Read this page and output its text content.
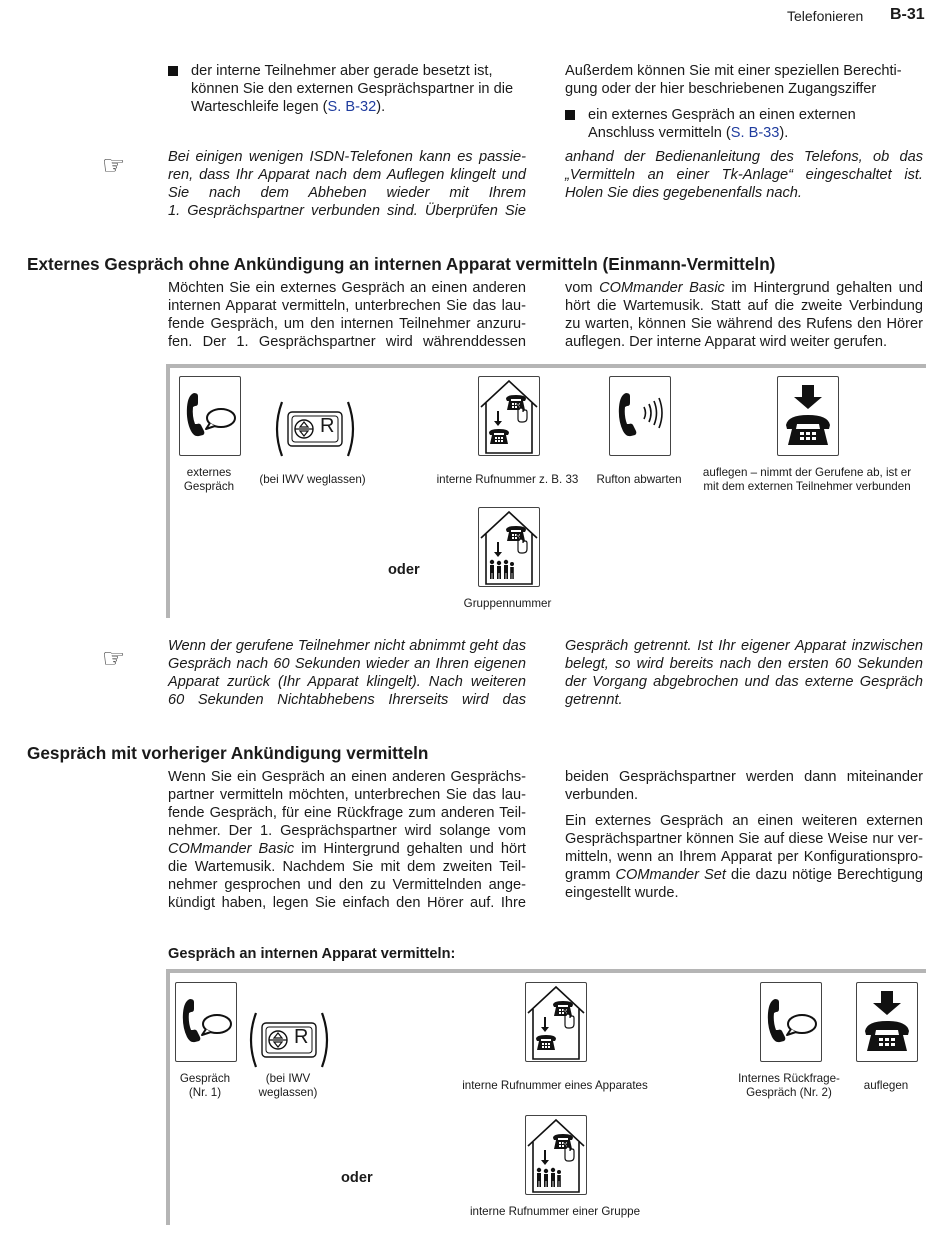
Telefonieren B-31
der interne Teilnehmer aber gerade besetzt ist,
können Sie den externen Gesprächspartner in die
Warteschleife legen (S. B-32).
Außerdem können Sie mit einer speziellen Berechti-
gung oder der hier beschriebenen Zugangsziffer
ein externes Gespräch an einen externen
Anschluss vermitteln (S. B-33).
☞	Bei einigen wenigen ISDN-Telefonen kann es passie-
ren, dass Ihr Apparat nach dem Auflegen klingelt und
Sie nach dem Abheben wieder mit Ihrem
1. Gesprächspartner verbunden sind. Überprüfen Sie
anhand der Bedienanleitung des Telefons, ob das
„Vermitteln an einer Tk-Anlage“ eingeschaltet ist.
Holen Sie dies gegebenenfalls nach.
Externes Gespräch ohne Ankündigung an internen Apparat vermitteln (Einmann-Vermitteln)
Möchten Sie ein externes Gespräch an einen anderen
internen Apparat vermitteln, unterbrechen Sie das lau-
fende Gespräch, um den internen Teilnehmer anzuru-
fen. Der 1. Gesprächspartner wird währenddessen
vom COMmander Basic im Hintergrund gehalten und
hört die Wartemusik. Statt auf die zweite Verbindung
zu warten, können Sie während des Rufens den Hörer
auflegen. Der interne Apparat wird weiter gerufen.
externes
Gespräch
R
(bei IWV weglassen)	interne Rufnummer z. B. 33	Rufton abwarten
auflegen – nimmt der Gerufene ab, ist er
mit dem externen Teilnehmer verbunden
oder
Gruppennummer
☞	Wenn der gerufene Teilnehmer nicht abnimmt geht das
Gespräch nach 60 Sekunden wieder an Ihren eigenen
Apparat zurück (Ihr Apparat klingelt). Nach weiteren
60 Sekunden Nichtabhebens Ihrerseits wird das
Gespräch getrennt. Ist Ihr eigener Apparat inzwischen
belegt, so wird bereits nach den ersten 60 Sekunden
der Vorgang abgebrochen und das externe Gespräch
getrennt.
Gespräch mit vorheriger Ankündigung vermitteln
Wenn Sie ein Gespräch an einen anderen Gesprächs-
partner vermitteln möchten, unterbrechen Sie das lau-
fende Gespräch, für eine Rückfrage zum anderen Teil-
nehmer. Der 1. Gesprächspartner wird solange vom
COMmander Basic im Hintergrund gehalten und hört
die Wartemusik. Nachdem Sie mit dem zweiten Teil-
nehmer gesprochen und den zu Vermittelnden ange-
kündigt haben, legen Sie einfach den Hörer auf. Ihre
beiden Gesprächspartner werden dann miteinander
verbunden.
Ein externes Gespräch an einen weiteren externen
Gesprächspartner können Sie auf diese Weise nur ver-
mitteln, wenn an Ihrem Apparat per Konfigurationspro-
gramm COMmander Set die dazu nötige Berechtigung
eingestellt wurde.
Gespräch an internen Apparat vermitteln:
Gespräch
(Nr. 1)
R
(bei IWV
weglassen)
interne Rufnummer eines Apparates
Internes Rückfrage-
Gespräch (Nr. 2)
auflegen
oder
interne Rufnummer einer Gruppe
